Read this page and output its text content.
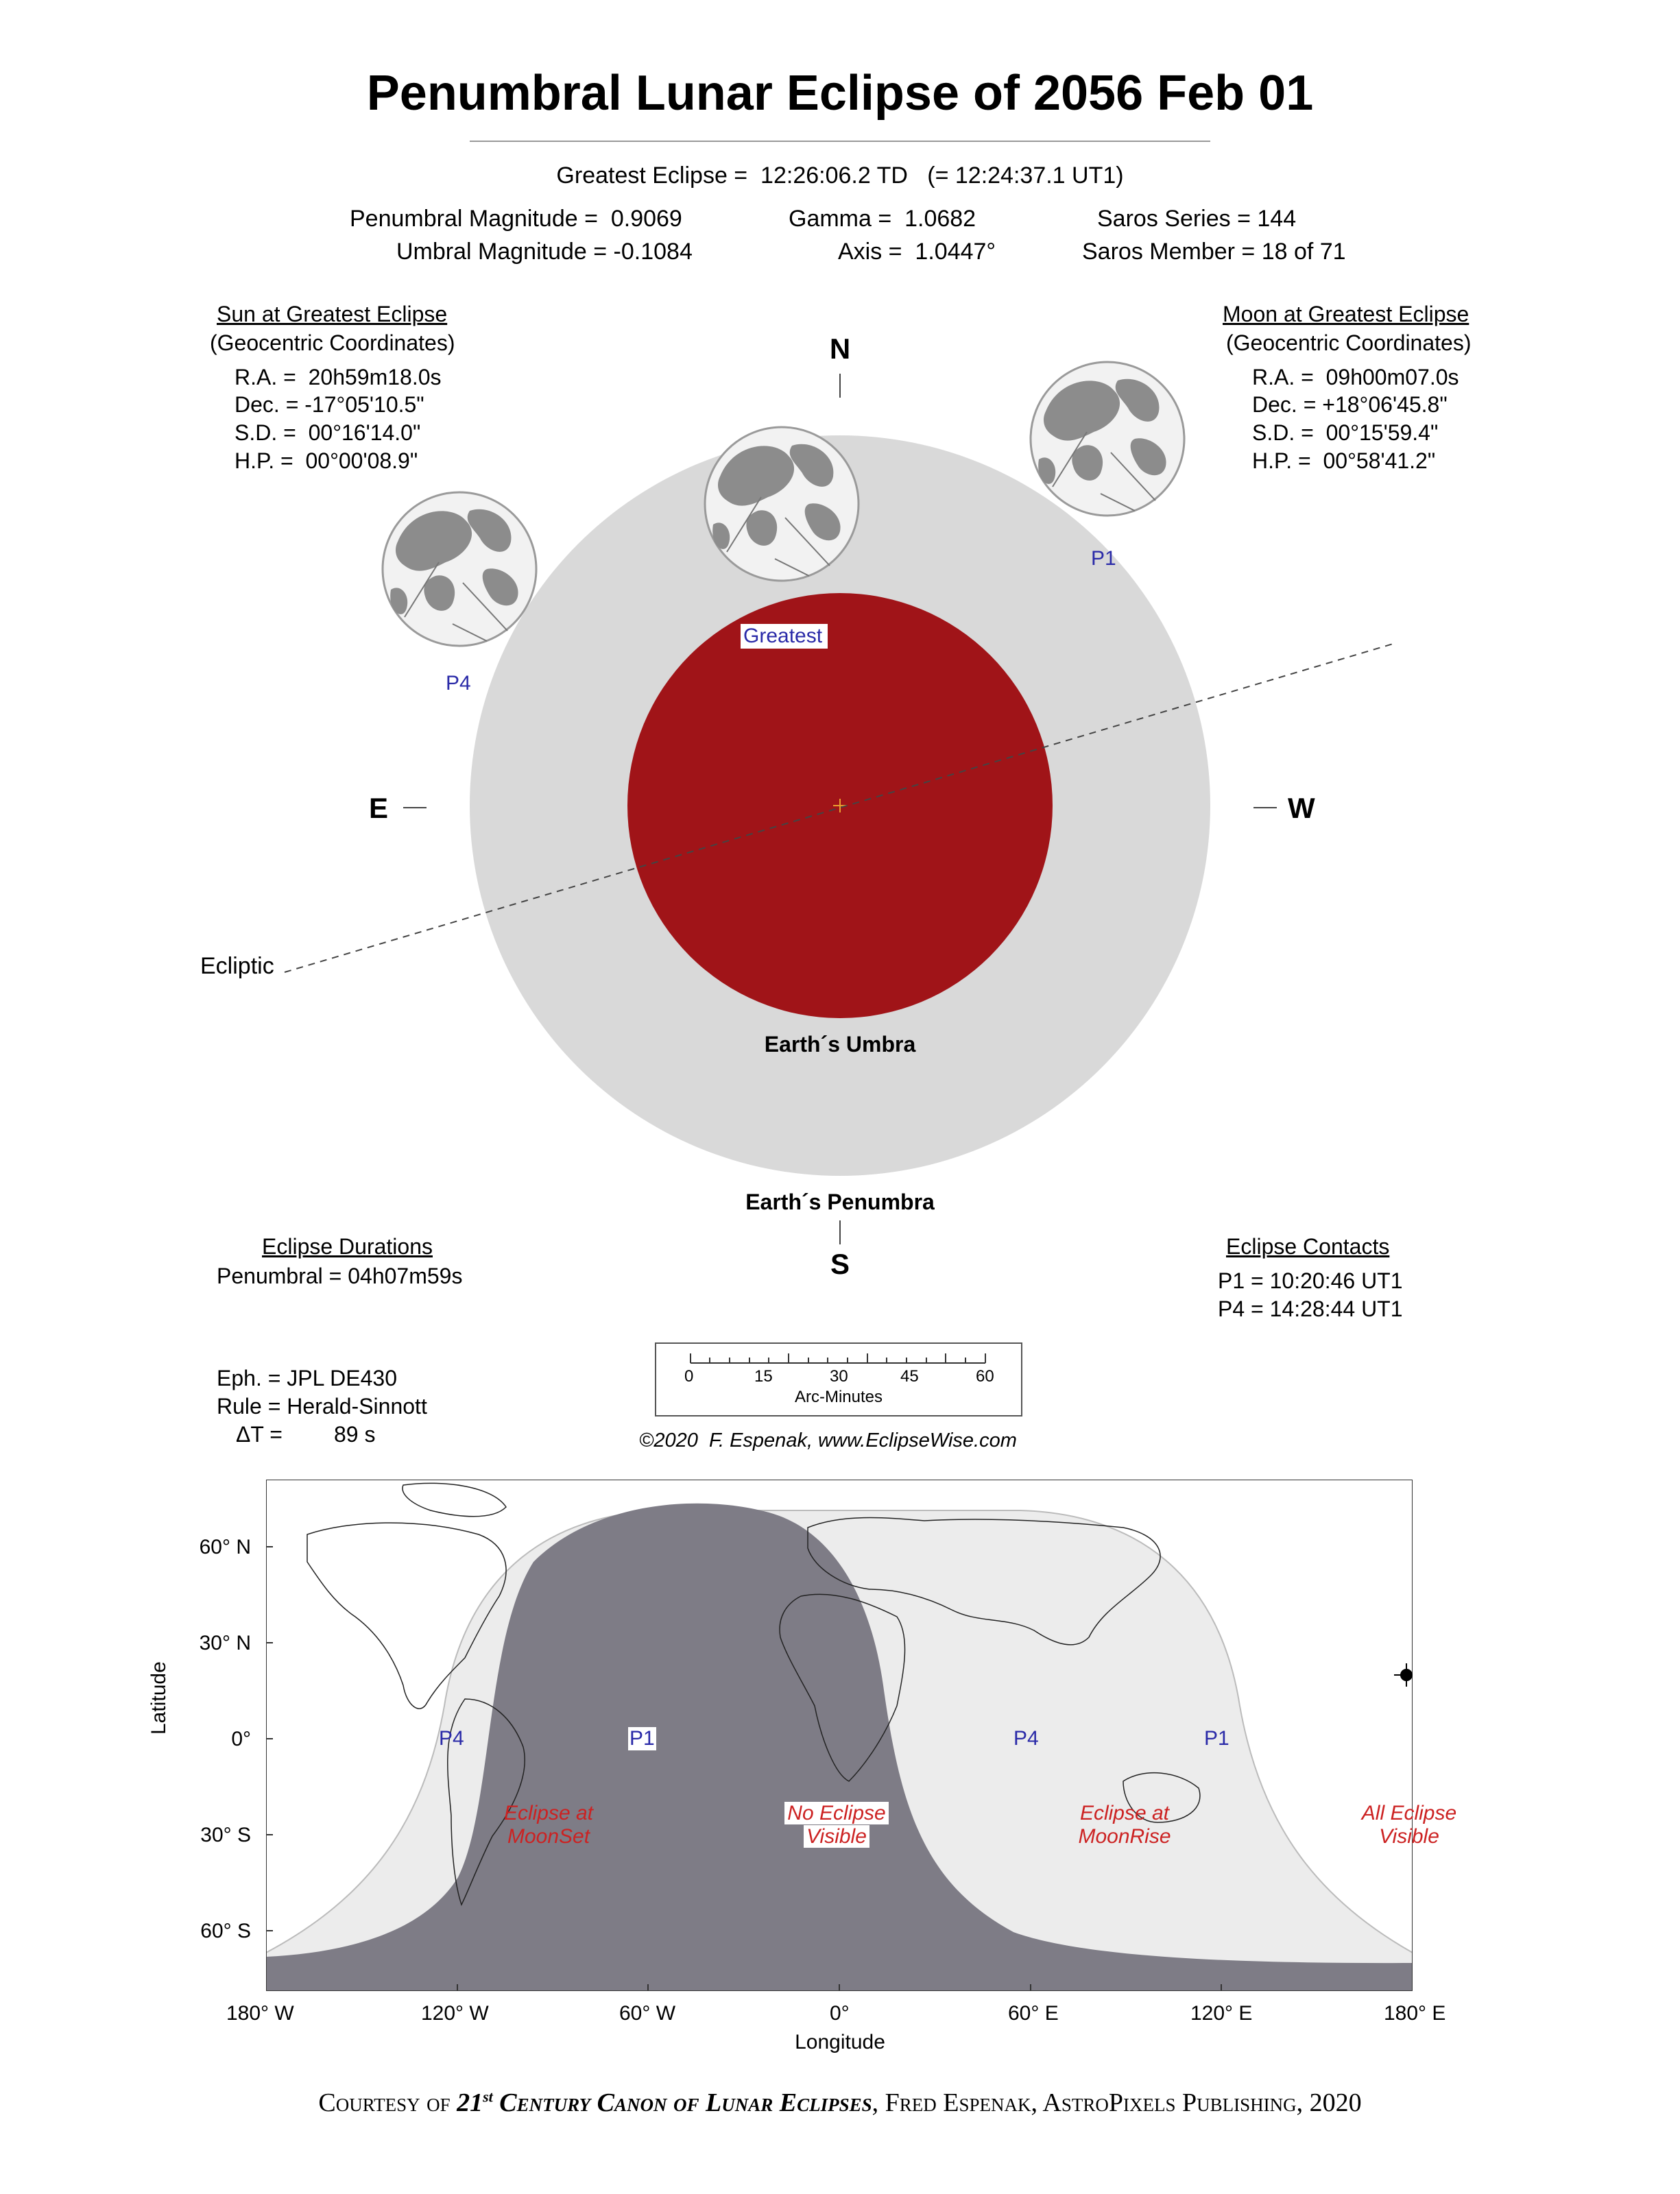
Penumbral Lunar Eclipse of 2056 Feb 01
Greatest Eclipse =  12:26:06.2 TD   (= 12:24:37.1 UT1)
Penumbral Magnitude =  0.9069
Umbral Magnitude = -0.1084
Gamma =  1.0682
Axis =  1.0447°
Saros Series = 144
Saros Member = 18 of 71
Sun at Greatest Eclipse
(Geocentric Coordinates)
R.A. =  20h59m18.0s
Dec. = -17°05'10.5"
S.D. =  00°16'14.0"
H.P. =  00°00'08.9"
Moon at Greatest Eclipse
(Geocentric Coordinates)
R.A. =  09h00m07.0s
Dec. = +18°06'45.8"
S.D. =  00°15'59.4"
H.P. =  00°58'41.2"
Greatest
P1
P4
Ecliptic
Earth´s Umbra
Earth´s Penumbra
N
S
E	W
Eclipse Durations
Penumbral = 04h07m59s
Eclipse Contacts
P1 = 10:20:46 UT1
P4 = 14:28:44 UT1
Eph. = JPL DE430
Rule = Herald-Sinnott
ΔT = 89 s
0	15	30	45	60
Arc-Minutes
©2020  F. Espenak, www.EclipseWise.com
P4	P1	P4	P1
Eclipse at
MoonSet
No Eclipse
Visible
Eclipse at
MoonRise
All Eclipse
Visible
60° N
30° N
0°
30° S
60° S
Latitude
180° W	120° W	60° W	0°	60° E	120° E	180° E
Longitude
Courtesy of 21st Century Canon of Lunar Eclipses, Fred Espenak, AstroPixels Publishing, 2020
